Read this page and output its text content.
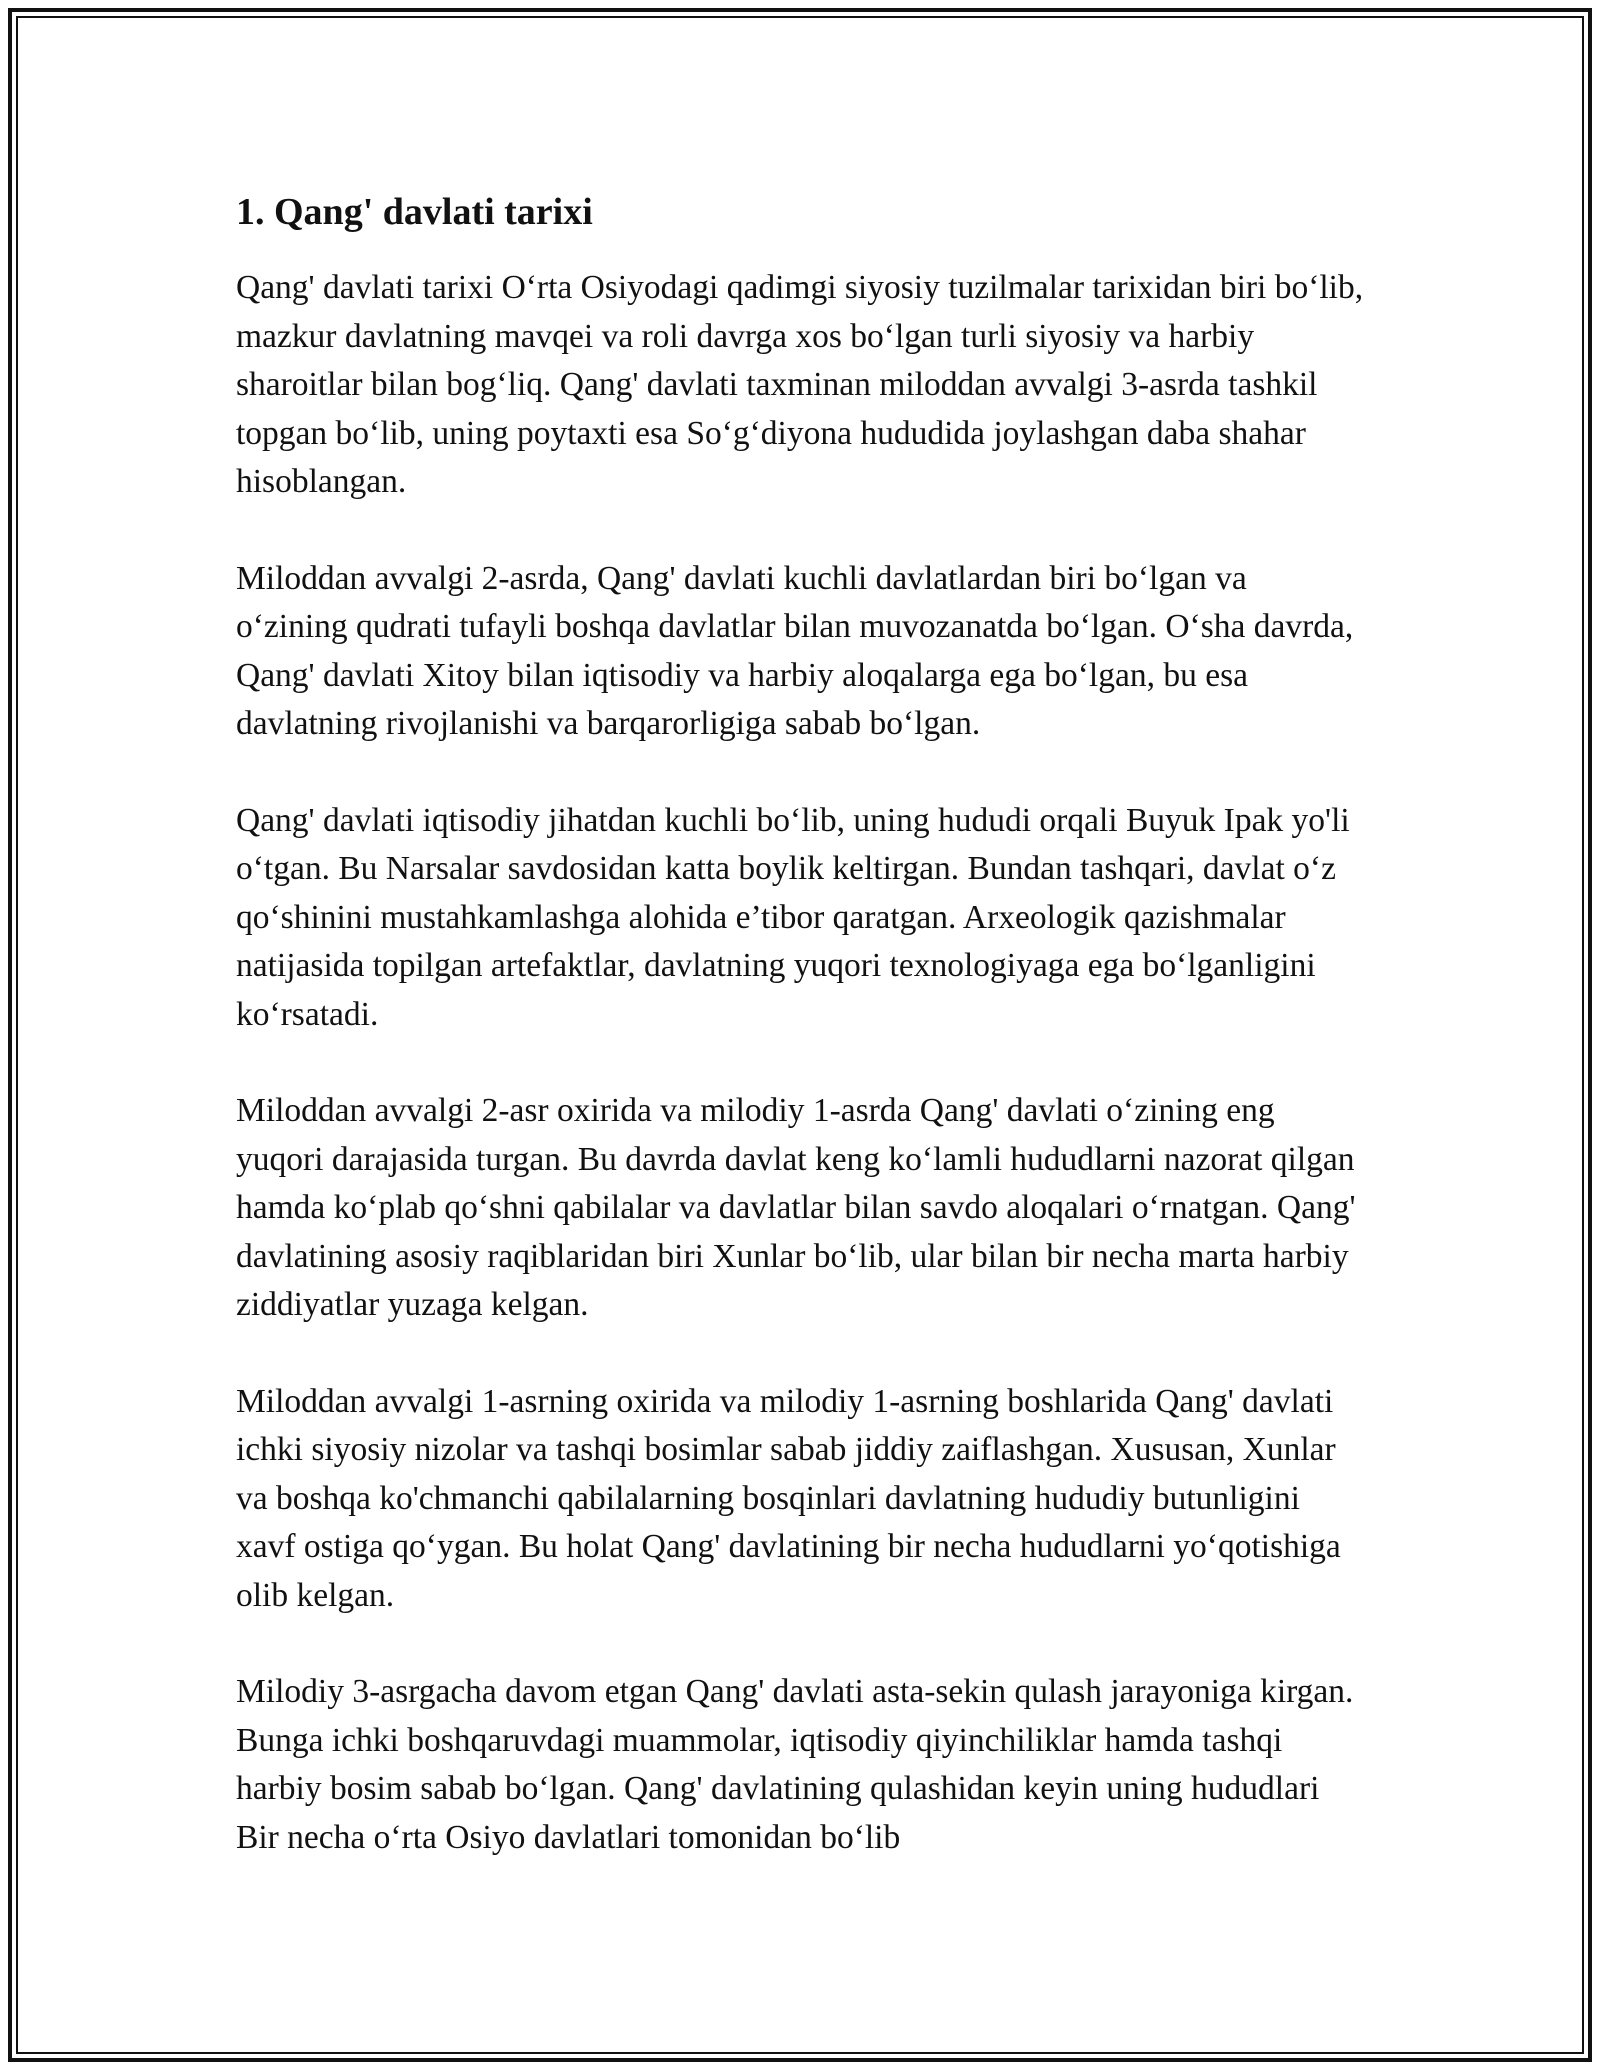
1. Qang' davlati tarixi

Qang' davlati tarixi O‘rta Osiyodagi qadimgi siyosiy tuzilmalar tarixidan biri bo‘lib, mazkur davlatning mavqei va roli davrga xos bo‘lgan turli siyosiy va harbiy sharoitlar bilan bog‘liq. Qang' davlati taxminan miloddan avvalgi 3-asrda tashkil topgan bo‘lib, uning poytaxti esa So‘g‘diyona hududida joylashgan daba shahar hisoblangan.

Miloddan avvalgi 2-asrda, Qang' davlati kuchli davlatlardan biri bo‘lgan va o‘zining qudrati tufayli boshqa davlatlar bilan muvozanatda bo‘lgan. O‘sha davrda, Qang' davlati Xitoy bilan iqtisodiy va harbiy aloqalarga ega bo‘lgan, bu esa davlatning rivojlanishi va barqarorligiga sabab bo‘lgan.

Qang' davlati iqtisodiy jihatdan kuchli bo‘lib, uning hududi orqali Buyuk Ipak yo'li o‘tgan. Bu Narsalar savdosidan katta boylik keltirgan. Bundan tashqari, davlat o‘z qo‘shinini mustahkamlashga alohida e’tibor qaratgan. Arxeologik qazishmalar natijasida topilgan artefaktlar, davlatning yuqori texnologiyaga ega bo‘lganligini ko‘rsatadi.

Miloddan avvalgi 2-asr oxirida va milodiy 1-asrda Qang' davlati o‘zining eng yuqori darajasida turgan. Bu davrda davlat keng ko‘lamli hududlarni nazorat qilgan hamda ko‘plab qo‘shni qabilalar va davlatlar bilan savdo aloqalari o‘rnatgan. Qang' davlatining asosiy raqiblaridan biri Xunlar bo‘lib, ular bilan bir necha marta harbiy ziddiyatlar yuzaga kelgan.

Miloddan avvalgi 1-asrning oxirida va milodiy 1-asrning boshlarida Qang' davlati ichki siyosiy nizolar va tashqi bosimlar sabab jiddiy zaiflashgan. Xususan, Xunlar va boshqa ko'chmanchi qabilalarning bosqinlari davlatning hududiy butunligini xavf ostiga qo‘ygan. Bu holat Qang' davlatining bir necha hududlarni yo‘qotishiga olib kelgan.

Milodiy 3-asrgacha davom etgan Qang' davlati asta-sekin qulash jarayoniga kirgan. Bunga ichki boshqaruvdagi muammolar, iqtisodiy qiyinchiliklar hamda tashqi harbiy bosim sabab bo‘lgan. Qang' davlatining qulashidan keyin uning hududlari Bir necha o‘rta Osiyo davlatlari tomonidan bo‘lib
